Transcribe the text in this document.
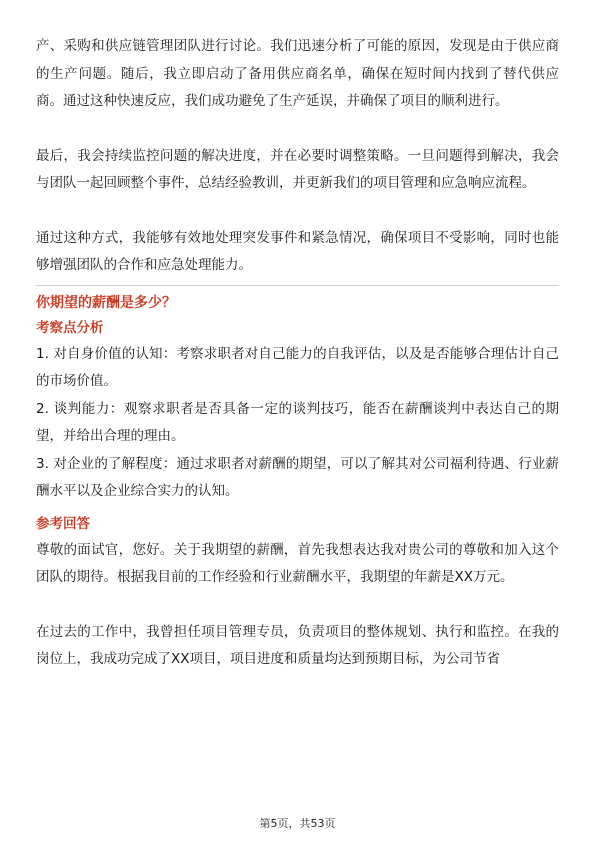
产、采购和供应链管理团队进行讨论。我们迅速分析了可能的原因，发现是由于供应商的生产问题。随后，我立即启动了备用供应商名单，确保在短时间内找到了替代供应商。通过这种快速反应，我们成功避免了生产延误，并确保了项目的顺利进行。

最后，我会持续监控问题的解决进度，并在必要时调整策略。一旦问题得到解决，我会与团队一起回顾整个事件，总结经验教训，并更新我们的项目管理和应急响应流程。

通过这种方式，我能够有效地处理突发事件和紧急情况，确保项目不受影响，同时也能够增强团队的合作和应急处理能力。

你期望的薪酬是多少？

考察点分析

1. 对自身价值的认知：考察求职者对自己能力的自我评估，以及是否能够合理估计自己的市场价值。

2. 谈判能力：观察求职者是否具备一定的谈判技巧，能否在薪酬谈判中表达自己的期望，并给出合理的理由。

3. 对企业的了解程度：通过求职者对薪酬的期望，可以了解其对公司福利待遇、行业薪酬水平以及企业综合实力的认知。

参考回答

尊敬的面试官，您好。关于我期望的薪酬，首先我想表达我对贵公司的尊敬和加入这个团队的期待。根据我目前的工作经验和行业薪酬水平，我期望的年薪是XX万元。

在过去的工作中，我曾担任项目管理专员，负责项目的整体规划、执行和监控。在我的岗位上，我成功完成了XX项目，项目进度和质量均达到预期目标，为公司节省

第5页，共53页
